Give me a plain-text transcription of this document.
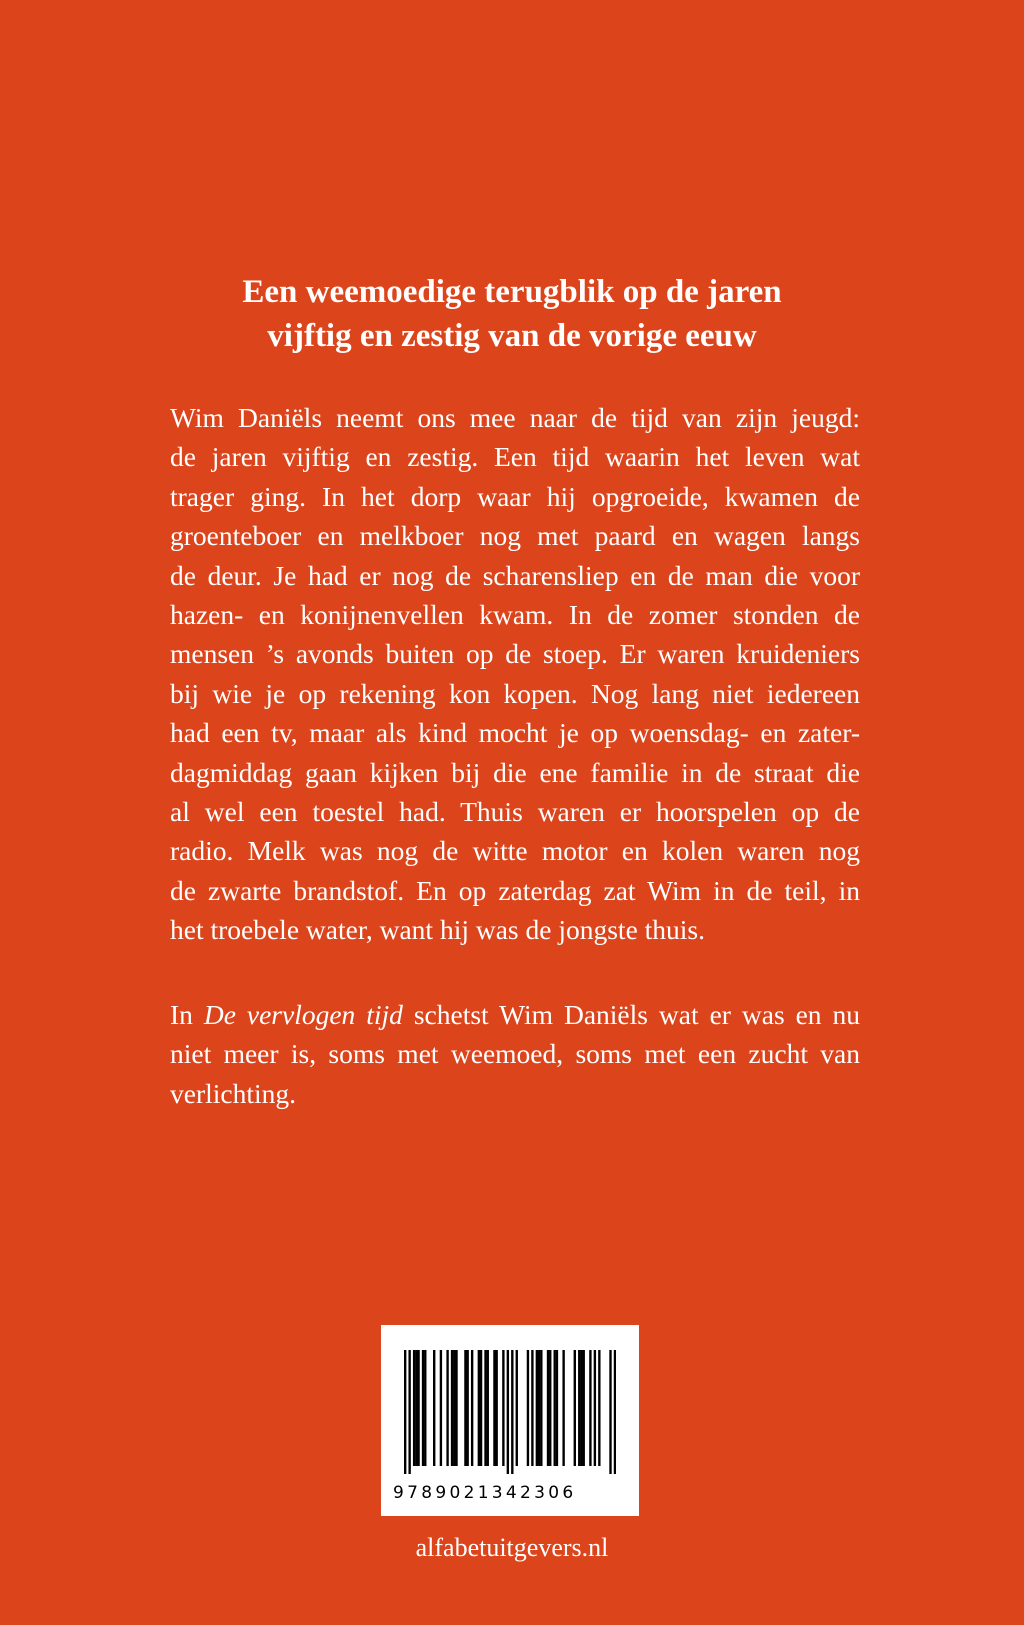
Een weemoedige terugblik op de jaren
vijftig en zestig van de vorige eeuw
Wim Daniëls neemt ons mee naar de tijd van zijn jeugd:
de jaren vijftig en zestig. Een tijd waarin het leven wat
trager ging. In het dorp waar hij opgroeide, kwamen de
groenteboer en melkboer nog met paard en wagen langs
de deur. Je had er nog de scharensliep en de man die voor
hazen- en konijnenvellen kwam. In de zomer stonden de
mensen ’s avonds buiten op de stoep. Er waren kruideniers
bij wie je op rekening kon kopen. Nog lang niet iedereen
had een tv, maar als kind mocht je op woensdag- en zater-
dagmiddag gaan kijken bij die ene familie in de straat die
al wel een toestel had. Thuis waren er hoorspelen op de
radio. Melk was nog de witte motor en kolen waren nog
de zwarte brandstof. En op zaterdag zat Wim in de teil, in
het troebele water, want hij was de jongste thuis.
In De vervlogen tijd schetst Wim Daniëls wat er was en nu
niet meer is, soms met weemoed, soms met een zucht van
verlichting.
9789021342306
alfabetuitgevers.nl
